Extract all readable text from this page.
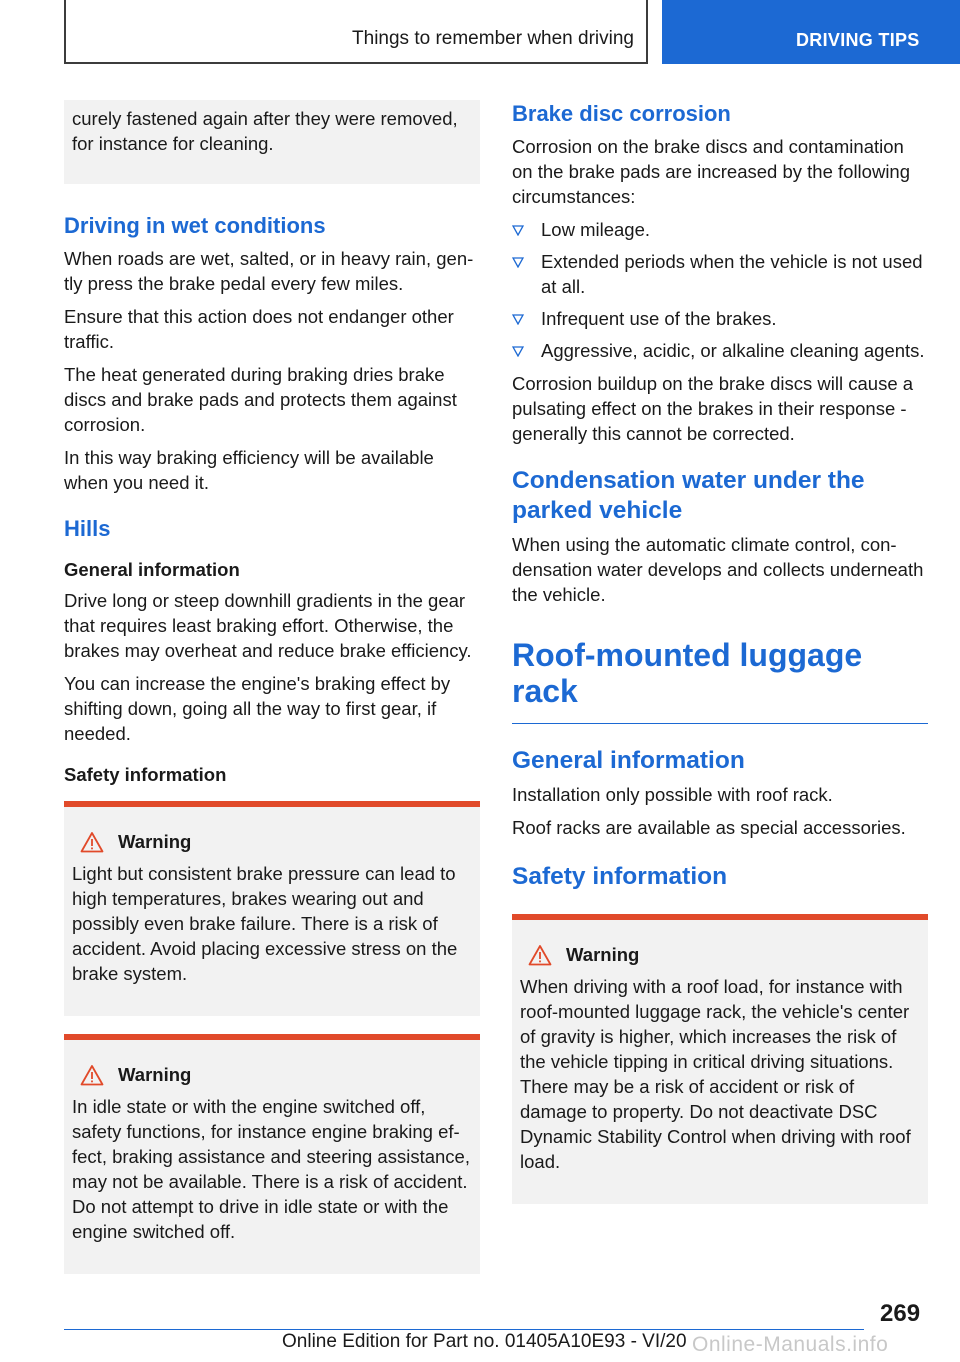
Things to remember when driving	DRIVING TIPS

curely fastened again after they were removed, for instance for cleaning.

Driving in wet conditions

When roads are wet, salted, or in heavy rain, gently press the brake pedal every few miles.

Ensure that this action does not endanger other traffic.

The heat generated during braking dries brake discs and brake pads and protects them against corrosion.

In this way braking efficiency will be available when you need it.

Hills
General information

Drive long or steep downhill gradients in the gear that requires least braking effort. Otherwise, the brakes may overheat and reduce brake efficiency.

You can increase the engine's braking effect by shifting down, going all the way to first gear, if needed.

Safety information
Warning

Light but consistent brake pressure can lead to high temperatures, brakes wearing out and possibly even brake failure. There is a risk of accident. Avoid placing excessive stress on the brake system.

Warning

In idle state or with the engine switched off, safety functions, for instance engine braking effect, braking assistance and steering assistance, may not be available. There is a risk of accident. Do not attempt to drive in idle state or with the engine switched off.

Brake disc corrosion

Corrosion on the brake discs and contamination on the brake pads are increased by the following circumstances:

Low mileage.
Extended periods when the vehicle is not used at all.
Infrequent use of the brakes.
Aggressive, acidic, or alkaline cleaning agents.

Corrosion buildup on the brake discs will cause a pulsating effect on the brakes in their response - generally this cannot be corrected.

Condensation water under the parked vehicle

When using the automatic climate control, condensation water develops and collects underneath the vehicle.

Roof-mounted luggage rack
General information

Installation only possible with roof rack.

Roof racks are available as special accessories.

Safety information
Warning

When driving with a roof load, for instance with roof-mounted luggage rack, the vehicle's center of gravity is higher, which increases the risk of the vehicle tipping in critical driving situations. There may be a risk of accident or risk of damage to property. Do not deactivate DSC Dynamic Stability Control when driving with roof load.

269
Online Edition for Part no. 01405A10E93 - VI/20 Online-Manuals.info
